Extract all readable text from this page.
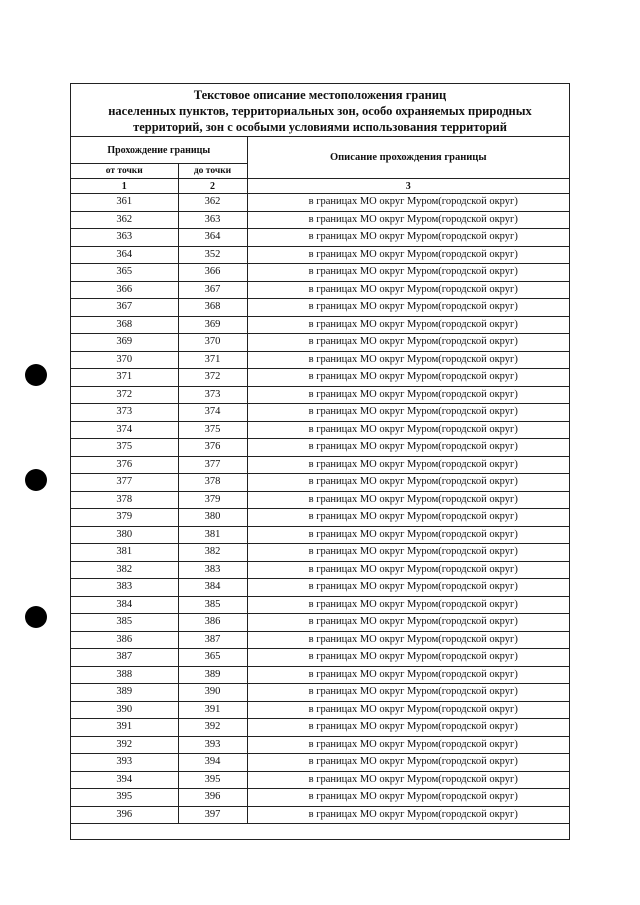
Текстовое описание местоположения границ
населенных пунктов, территориальных зон, особо охраняемых природных
территорий, зон с особыми условиями использования территорий
Прохождение границы		Описание прохождения границы
от точки	до точки	
1	2	3
361	362	в границах МО округ Муром(городской округ)
362	363	в границах МО округ Муром(городской округ)
363	364	в границах МО округ Муром(городской округ)
364	352	в границах МО округ Муром(городской округ)
365	366	в границах МО округ Муром(городской округ)
366	367	в границах МО округ Муром(городской округ)
367	368	в границах МО округ Муром(городской округ)
368	369	в границах МО округ Муром(городской округ)
369	370	в границах МО округ Муром(городской округ)
370	371	в границах МО округ Муром(городской округ)
371	372	в границах МО округ Муром(городской округ)
372	373	в границах МО округ Муром(городской округ)
373	374	в границах МО округ Муром(городской округ)
374	375	в границах МО округ Муром(городской округ)
375	376	в границах МО округ Муром(городской округ)
376	377	в границах МО округ Муром(городской округ)
377	378	в границах МО округ Муром(городской округ)
378	379	в границах МО округ Муром(городской округ)
379	380	в границах МО округ Муром(городской округ)
380	381	в границах МО округ Муром(городской округ)
381	382	в границах МО округ Муром(городской округ)
382	383	в границах МО округ Муром(городской округ)
383	384	в границах МО округ Муром(городской округ)
384	385	в границах МО округ Муром(городской округ)
385	386	в границах МО округ Муром(городской округ)
386	387	в границах МО округ Муром(городской округ)
387	365	в границах МО округ Муром(городской округ)
388	389	в границах МО округ Муром(городской округ)
389	390	в границах МО округ Муром(городской округ)
390	391	в границах МО округ Муром(городской округ)
391	392	в границах МО округ Муром(городской округ)
392	393	в границах МО округ Муром(городской округ)
393	394	в границах МО округ Муром(городской округ)
394	395	в границах МО округ Муром(городской округ)
395	396	в границах МО округ Муром(городской округ)
396	397	в границах МО округ Муром(городской округ)
